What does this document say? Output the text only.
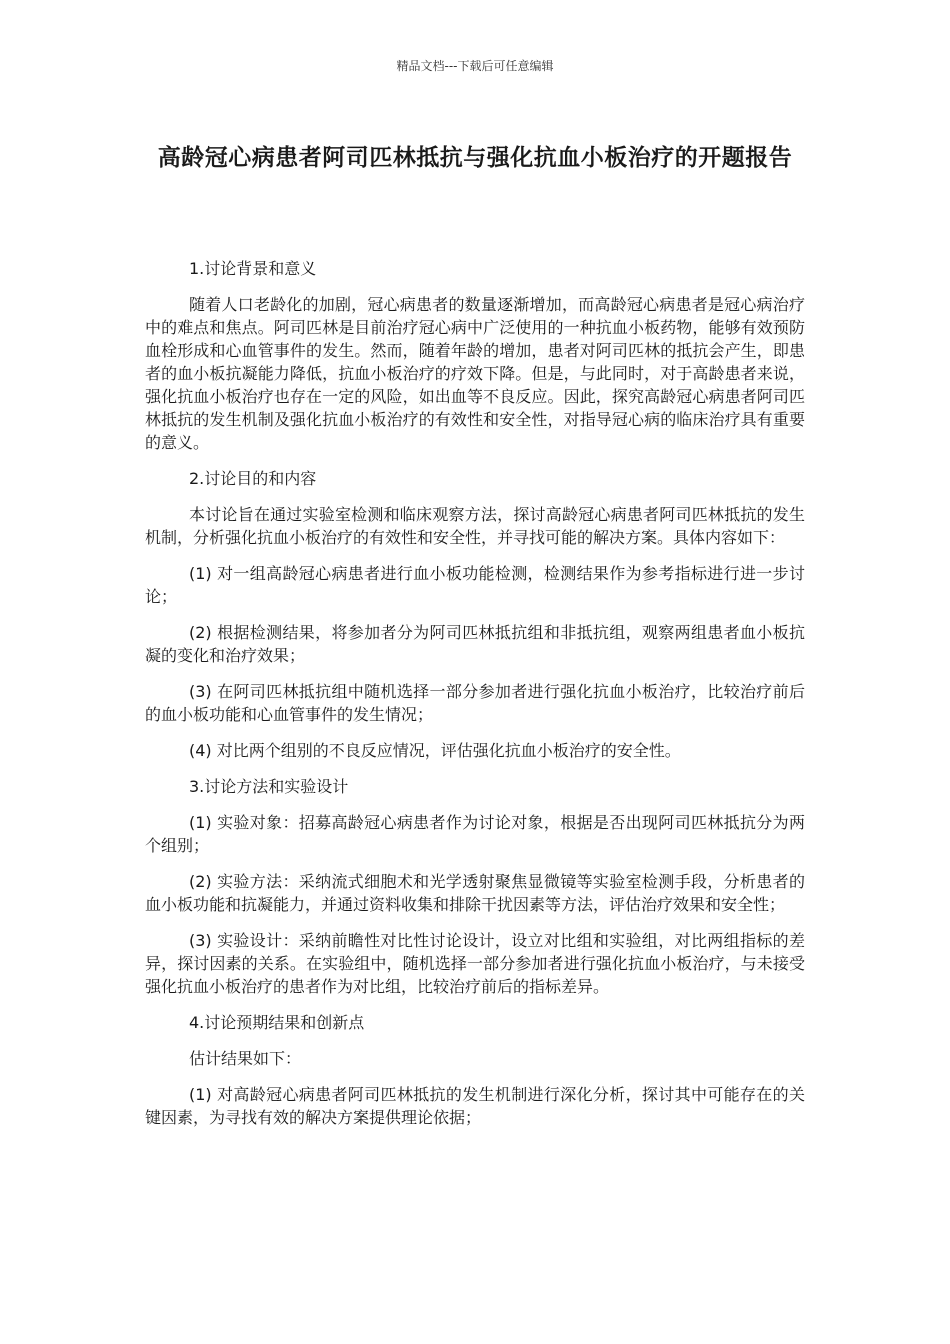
精品文档---下载后可任意编辑
高龄冠心病患者阿司匹林抵抗与强化抗血小板治疗的开题报告

1.讨论背景和意义

随着人口老龄化的加剧，冠心病患者的数量逐渐增加，而高龄冠心病患者是冠心病治疗中的难点和焦点。阿司匹林是目前治疗冠心病中广泛使用的一种抗血小板药物，能够有效预防血栓形成和心血管事件的发生。然而，随着年龄的增加，患者对阿司匹林的抵抗会产生，即患者的血小板抗凝能力降低，抗血小板治疗的疗效下降。但是，与此同时，对于高龄患者来说，强化抗血小板治疗也存在一定的风险，如出血等不良反应。因此，探究高龄冠心病患者阿司匹林抵抗的发生机制及强化抗血小板治疗的有效性和安全性，对指导冠心病的临床治疗具有重要的意义。

2.讨论目的和内容

本讨论旨在通过实验室检测和临床观察方法，探讨高龄冠心病患者阿司匹林抵抗的发生机制，分析强化抗血小板治疗的有效性和安全性，并寻找可能的解决方案。具体内容如下：

(1) 对一组高龄冠心病患者进行血小板功能检测，检测结果作为参考指标进行进一步讨论；

(2) 根据检测结果，将参加者分为阿司匹林抵抗组和非抵抗组，观察两组患者血小板抗凝的变化和治疗效果；

(3) 在阿司匹林抵抗组中随机选择一部分参加者进行强化抗血小板治疗，比较治疗前后的血小板功能和心血管事件的发生情况；

(4) 对比两个组别的不良反应情况，评估强化抗血小板治疗的安全性。

3.讨论方法和实验设计

(1) 实验对象：招募高龄冠心病患者作为讨论对象，根据是否出现阿司匹林抵抗分为两个组别；

(2) 实验方法：采纳流式细胞术和光学透射聚焦显微镜等实验室检测手段，分析患者的血小板功能和抗凝能力，并通过资料收集和排除干扰因素等方法，评估治疗效果和安全性；

(3) 实验设计：采纳前瞻性对比性讨论设计，设立对比组和实验组，对比两组指标的差异，探讨因素的关系。在实验组中，随机选择一部分参加者进行强化抗血小板治疗，与未接受强化抗血小板治疗的患者作为对比组，比较治疗前后的指标差异。

4.讨论预期结果和创新点

估计结果如下：

(1) 对高龄冠心病患者阿司匹林抵抗的发生机制进行深化分析，探讨其中可能存在的关键因素，为寻找有效的解决方案提供理论依据；
